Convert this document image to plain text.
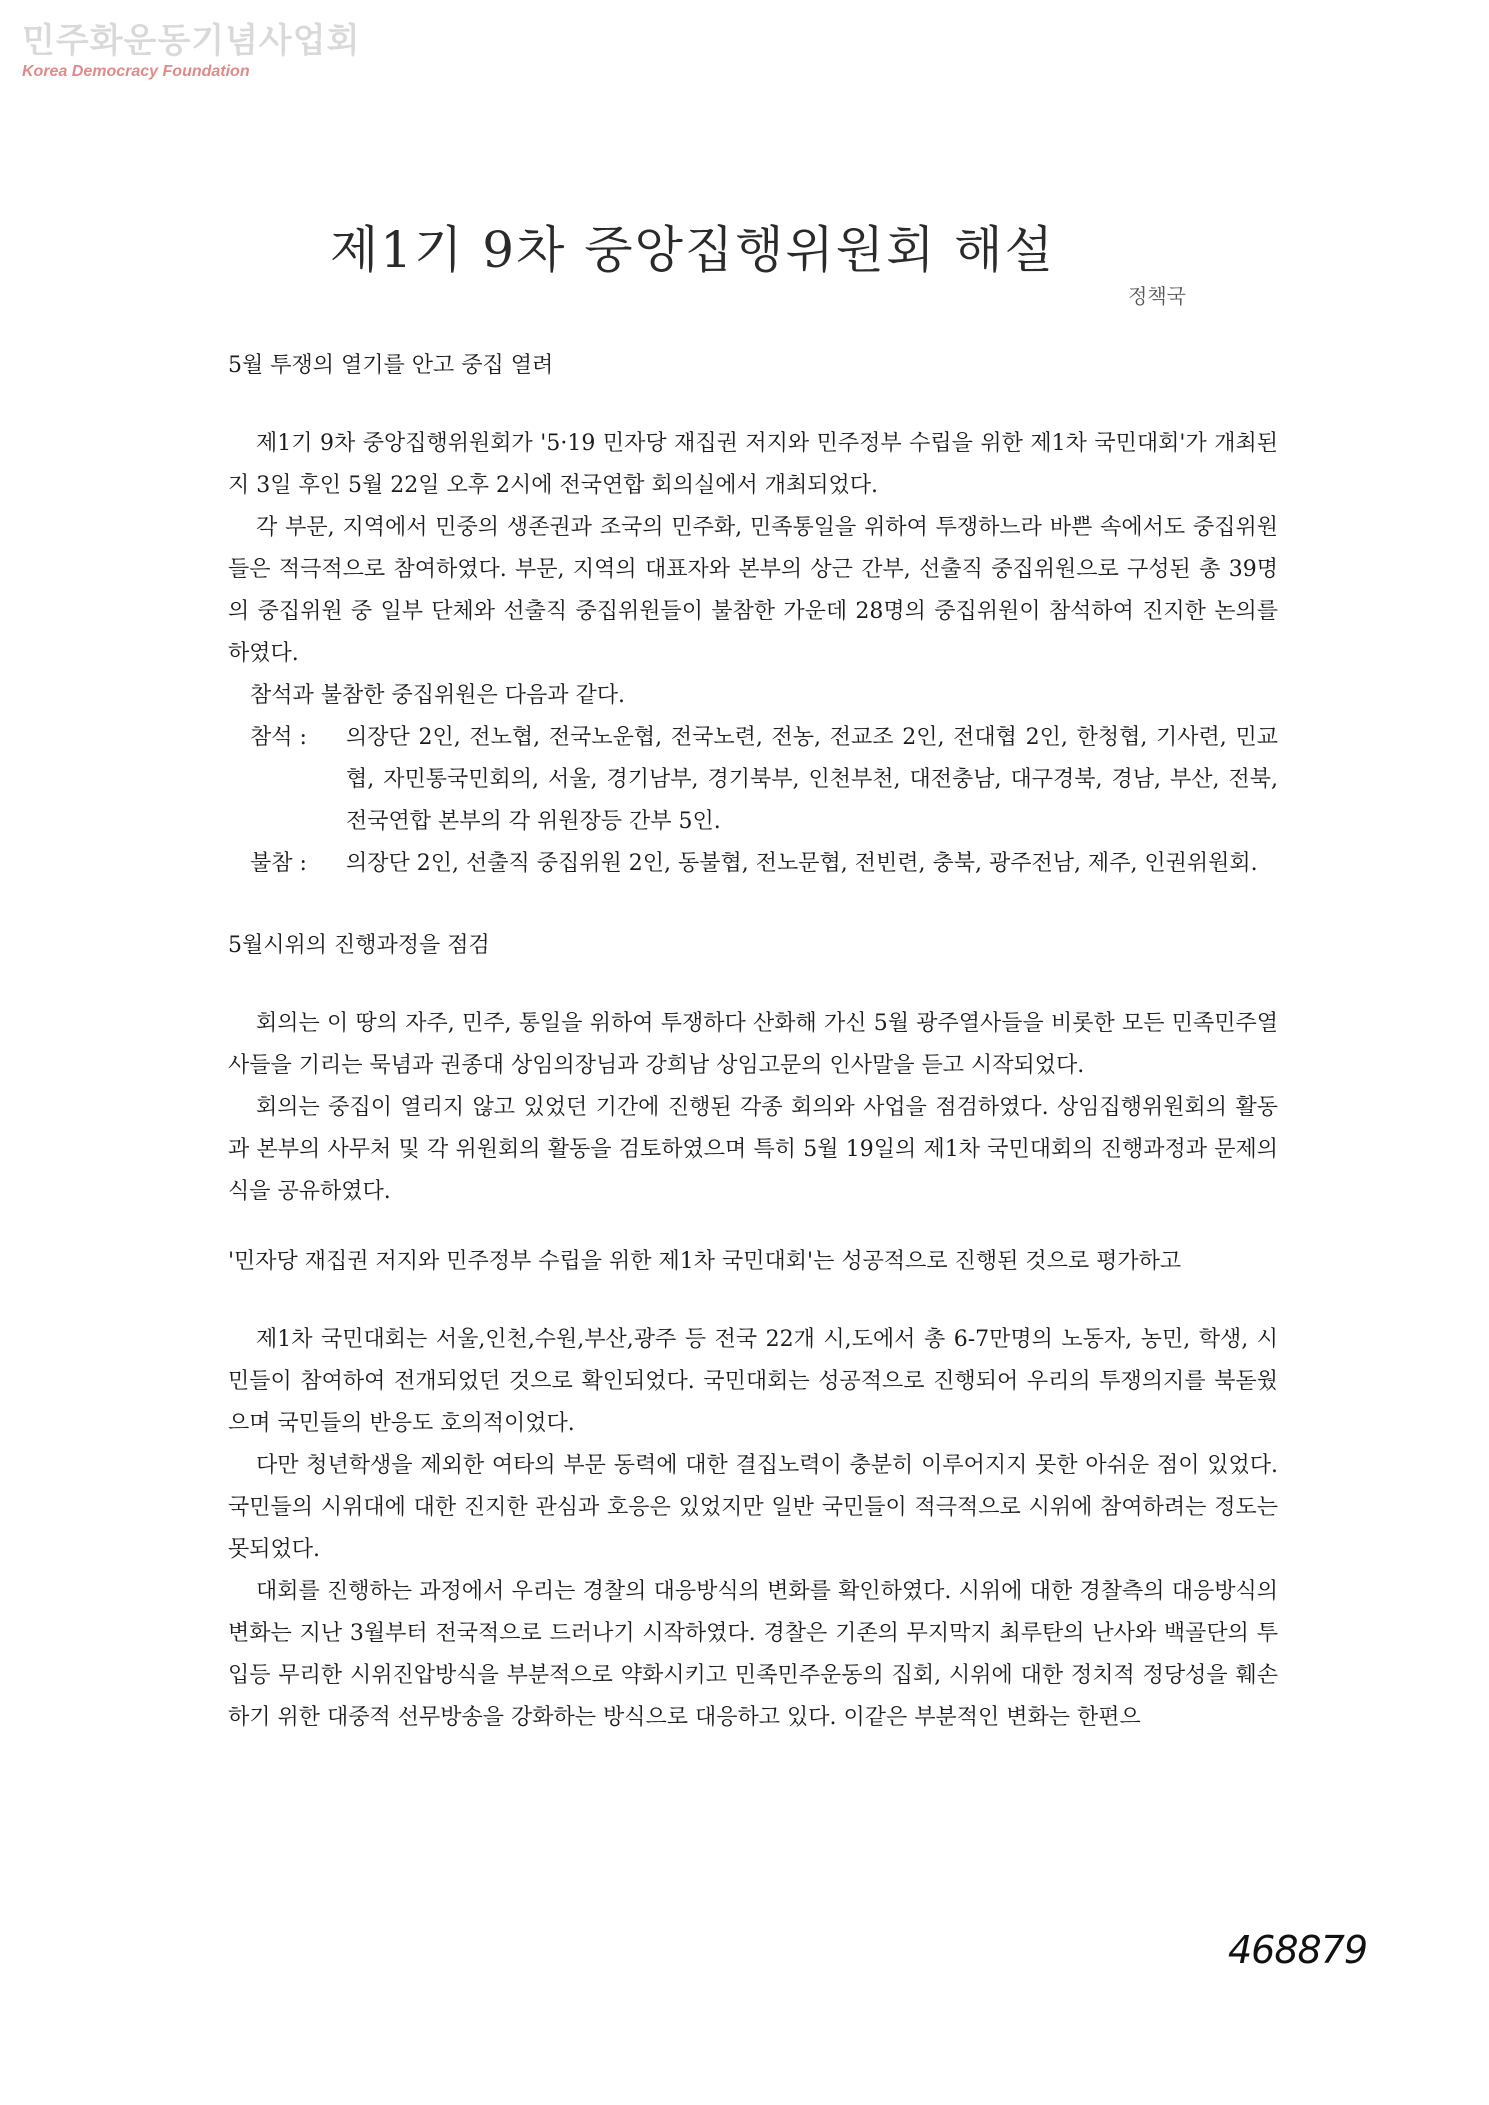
민주화운동기념사업회
Korea Democracy Foundation
제1기 9차 중앙집행위원회 해설
정책국

5월 투쟁의 열기를 안고 중집 열려

제1기 9차 중앙집행위원회가 '5·19 민자당 재집권 저지와 민주정부 수립을 위한 제1차 국민대회'가 개최된 지 3일 후인 5월 22일 오후 2시에 전국연합 회의실에서 개최되었다.

각 부문, 지역에서 민중의 생존권과 조국의 민주화, 민족통일을 위하여 투쟁하느라 바쁜 속에서도 중집위원들은 적극적으로 참여하였다. 부문, 지역의 대표자와 본부의 상근 간부, 선출직 중집위원으로 구성된 총 39명의 중집위원 중 일부 단체와 선출직 중집위원들이 불참한 가운데 28명의 중집위원이 참석하여 진지한 논의를 하였다.

참석과 불참한 중집위원은 다음과 같다.

참석 :	의장단 2인, 전노협, 전국노운협, 전국노련, 전농, 전교조 2인, 전대협 2인, 한청협, 기사련, 민교협, 자민통국민회의, 서울, 경기남부, 경기북부, 인천부천, 대전충남, 대구경북, 경남, 부산, 전북, 전국연합 본부의 각 위원장등 간부 5인.
불참 :	의장단 2인, 선출직 중집위원 2인, 동불협, 전노문협, 전빈련, 충북, 광주전남, 제주, 인권위원회.

5월시위의 진행과정을 점검

회의는 이 땅의 자주, 민주, 통일을 위하여 투쟁하다 산화해 가신 5월 광주열사들을 비롯한 모든 민족민주열사들을 기리는 묵념과 권종대 상임의장님과 강희남 상임고문의 인사말을 듣고 시작되었다.

회의는 중집이 열리지 않고 있었던 기간에 진행된 각종 회의와 사업을 점검하였다. 상임집행위원회의 활동과 본부의 사무처 및 각 위원회의 활동을 검토하였으며 특히 5월 19일의 제1차 국민대회의 진행과정과 문제의식을 공유하였다.

'민자당 재집권 저지와 민주정부 수립을 위한 제1차 국민대회'는 성공적으로 진행된 것으로 평가하고

제1차 국민대회는 서울,인천,수원,부산,광주 등 전국 22개 시,도에서 총 6-7만명의 노동자, 농민, 학생, 시민들이 참여하여 전개되었던 것으로 확인되었다. 국민대회는 성공적으로 진행되어 우리의 투쟁의지를 북돋웠으며 국민들의 반응도 호의적이었다.

다만 청년학생을 제외한 여타의 부문 동력에 대한 결집노력이 충분히 이루어지지 못한 아쉬운 점이 있었다. 국민들의 시위대에 대한 진지한 관심과 호응은 있었지만 일반 국민들이 적극적으로 시위에 참여하려는 정도는 못되었다.

대회를 진행하는 과정에서 우리는 경찰의 대응방식의 변화를 확인하였다. 시위에 대한 경찰측의 대응방식의 변화는 지난 3월부터 전국적으로 드러나기 시작하였다. 경찰은 기존의 무지막지 최루탄의 난사와 백골단의 투입등 무리한 시위진압방식을 부분적으로 약화시키고 민족민주운동의 집회, 시위에 대한 정치적 정당성을 훼손하기 위한 대중적 선무방송을 강화하는 방식으로 대응하고 있다. 이같은 부분적인 변화는 한편으

468879
